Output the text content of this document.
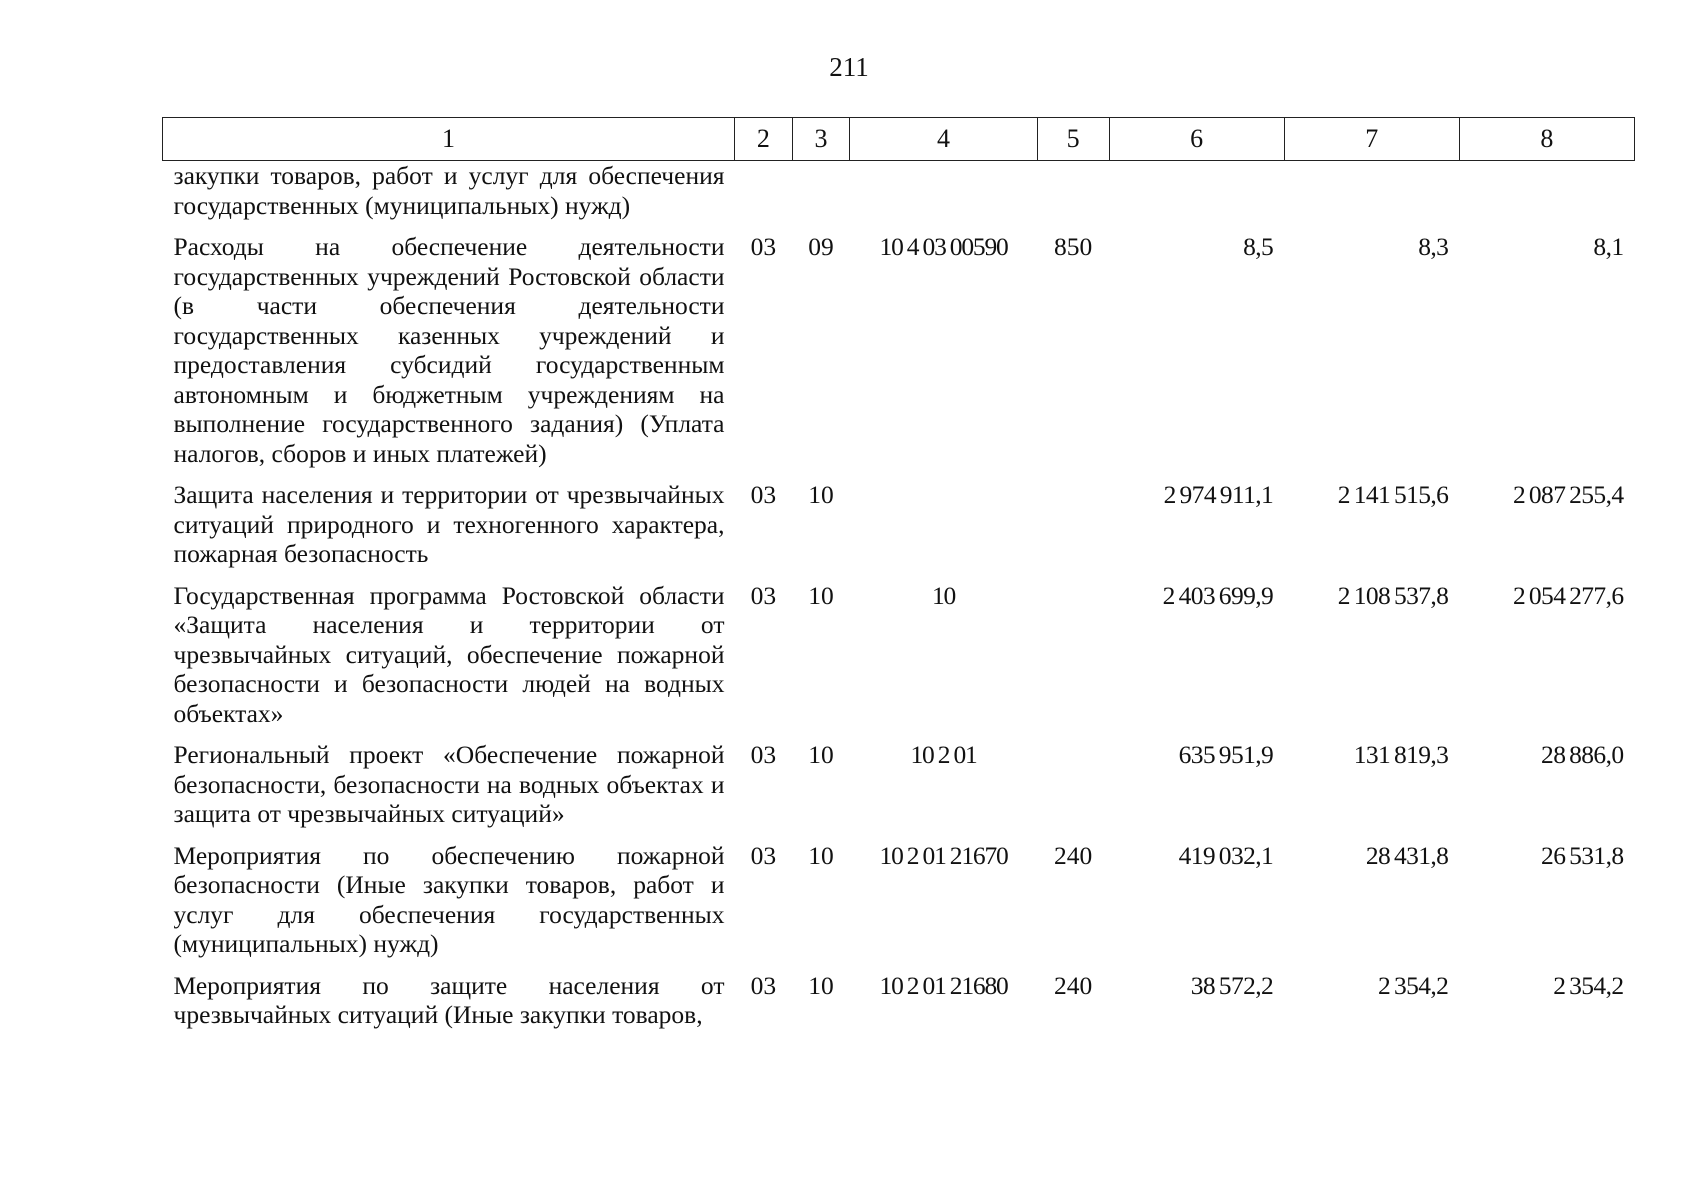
211
1	2	3	4	5	6	7	8
закупки товаров, работ и услуг для обеспечения государственных (муниципальных) нужд)							
Расходы на обеспечение деятельности государственных учреждений Ростовской области (в части обеспечения деятельности государственных казенных учреждений и предоставления субсидий государственным автономным и бюджетным учреждениям на выполнение государственного задания) (Уплата налогов, сборов и иных платежей)	03	09	10 4 03 00590	850	8,5	8,3	8,1
Защита населения и территории от чрезвычайных ситуаций природного и техногенного характера, пожарная безопасность	03	10			2 974 911,1	2 141 515,6	2 087 255,4
Государственная программа Ростовской области «Защита населения и территории от чрезвычайных ситуаций, обеспечение пожарной безопасности и безопасности людей на водных объектах»	03	10	10		2 403 699,9	2 108 537,8	2 054 277,6
Региональный проект «Обеспечение пожарной безопасности, безопасности на водных объектах и защита от чрезвычайных ситуаций»	03	10	10 2 01		635 951,9	131 819,3	28 886,0
Мероприятия по обеспечению пожарной безопасности (Иные закупки товаров, работ и услуг для обеспечения государственных (муниципальных) нужд)	03	10	10 2 01 21670	240	419 032,1	28 431,8	26 531,8
Мероприятия по защите населения от чрезвычайных ситуаций (Иные закупки товаров,	03	10	10 2 01 21680	240	38 572,2	2 354,2	2 354,2
